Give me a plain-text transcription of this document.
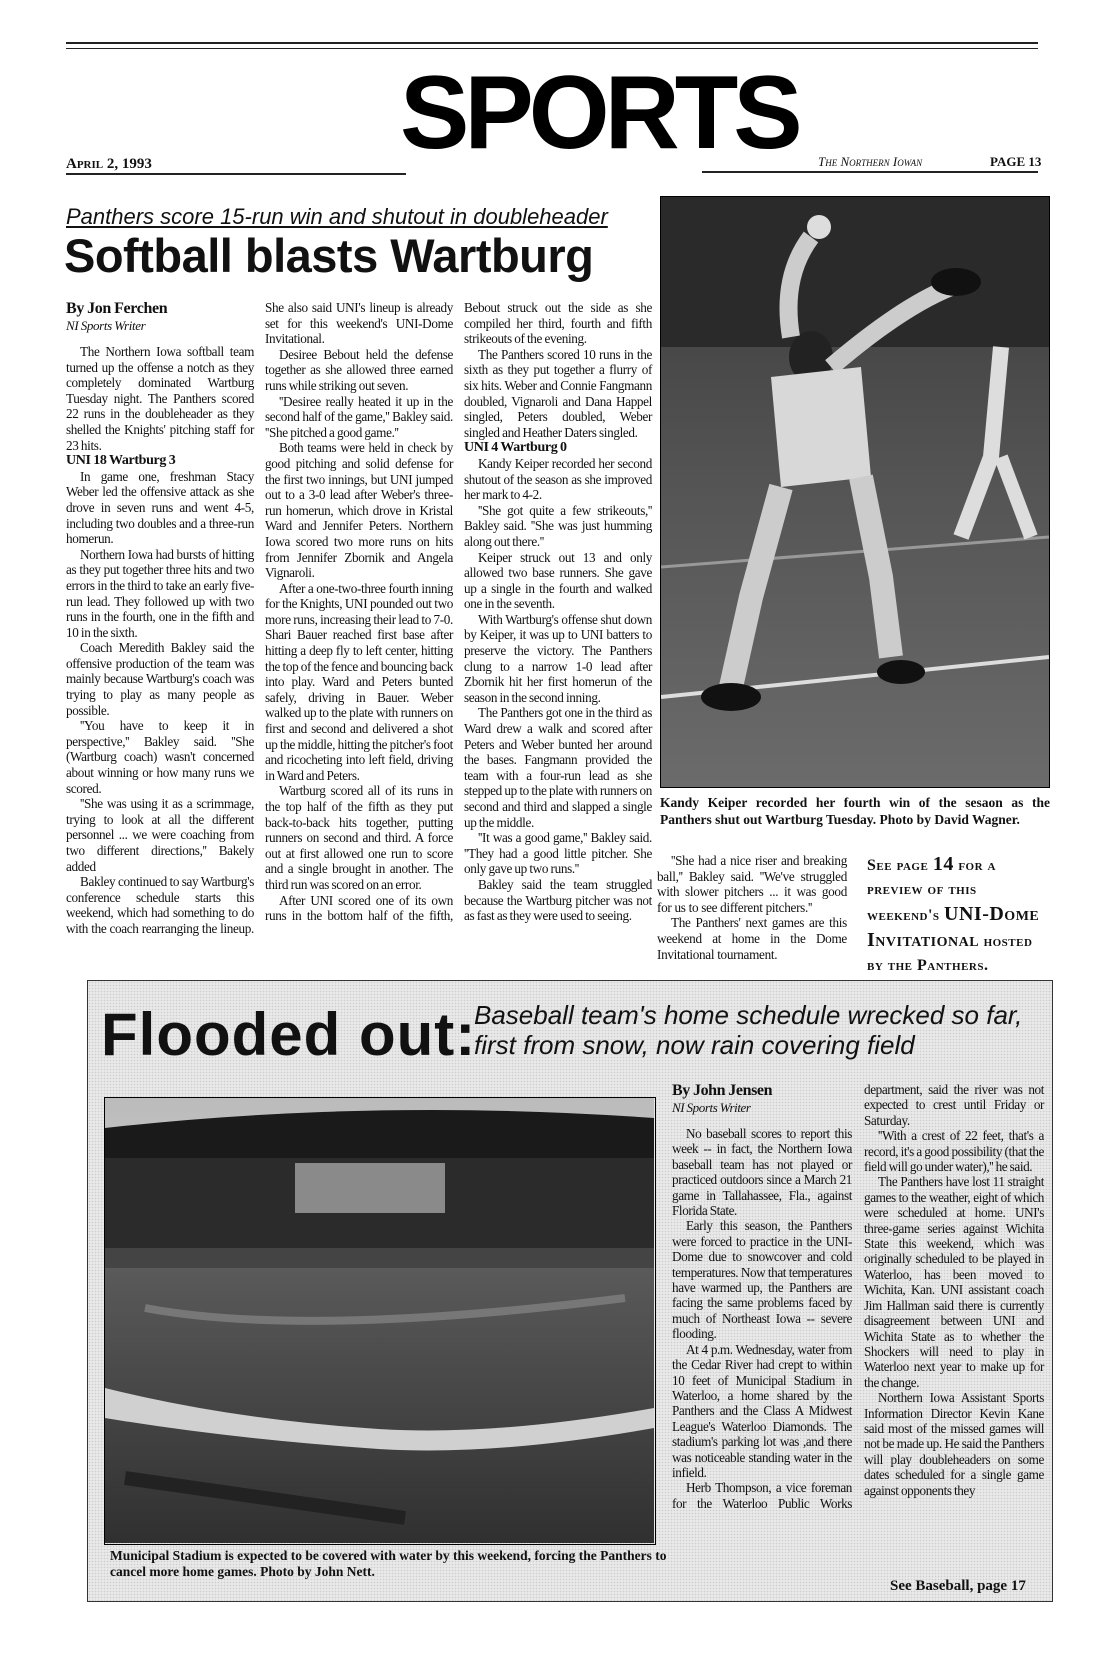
SPORTS
April 2, 1993	The Northern Iowan	PAGE 13
Panthers score 15-run win and shutout in doubleheader
Softball blasts Wartburg
By Jon Ferchen
NI Sports Writer

The Northern Iowa softball team turned up the offense a notch as they completely dominated Wartburg Tuesday night. The Panthers scored 22 runs in the doubleheader as they shelled the Knights' pitching staff for 23 hits.

UNI 18 Wartburg 3

In game one, freshman Stacy Weber led the offensive attack as she drove in seven runs and went 4-5, including two doubles and a three-run homerun.

Northern Iowa had bursts of hitting as they put together three hits and two errors in the third to take an early five-run lead. They followed up with two runs in the fourth, one in the fifth and 10 in the sixth.

Coach Meredith Bakley said the offensive production of the team was mainly because Wartburg's coach was trying to play as many people as possible.

''You have to keep it in perspective,'' Bakley said. ''She (Wartburg coach) wasn't concerned about winning or how many runs we scored.

''She was using it as a scrimmage, trying to look at all the different personnel ... we were coaching from two different directions,'' Bakely added

Bakley continued to say Wartburg's conference schedule starts this weekend, which had something to do with the coach rearranging the lineup. She also said UNI's lineup is already set for this weekend's UNI-Dome Invitational.

Desiree Bebout held the defense together as she allowed three earned runs while striking out seven.

''Desiree really heated it up in the second half of the game,'' Bakley said. ''She pitched a good game.''

Both teams were held in check by good pitching and solid defense for the first two innings, but UNI jumped out to a 3-0 lead after Weber's three-run homerun, which drove in Kristal Ward and Jennifer Peters. Northern Iowa scored two more runs on hits from Jennifer Zbornik and Angela Vignaroli.

After a one-two-three fourth inning for the Knights, UNI pounded out two more runs, increasing their lead to 7-0. Shari Bauer reached first base after hitting a deep fly to left center, hitting the top of the fence and bouncing back into play. Ward and Peters bunted safely, driving in Bauer. Weber walked up to the plate with runners on first and second and delivered a shot up the middle, hitting the pitcher's foot and ricocheting into left field, driving in Ward and Peters.

Wartburg scored all of its runs in the top half of the fifth as they put back-to-back hits together, putting runners on second and third. A force out at first allowed one run to score and a single brought in another. The third run was scored on an error.

After UNI scored one of its own runs in the bottom half of the fifth, Bebout struck out the side as she compiled her third, fourth and fifth strikeouts of the evening.

The Panthers scored 10 runs in the sixth as they put together a flurry of six hits. Weber and Connie Fangmann doubled, Vignaroli and Dana Happel singled, Peters doubled, Weber singled and Heather Daters singled.

UNI 4 Wartburg 0

Kandy Keiper recorded her second shutout of the season as she improved her mark to 4-2.

''She got quite a few strikeouts,'' Bakley said. ''She was just humming along out there.''

Keiper struck out 13 and only allowed two base runners. She gave up a single in the fourth and walked one in the seventh.

With Wartburg's offense shut down by Keiper, it was up to UNI batters to preserve the victory. The Panthers clung to a narrow 1-0 lead after Zbornik hit her first homerun of the season in the second inning.

The Panthers got one in the third as Ward drew a walk and scored after Peters and Weber bunted her around the bases. Fangmann provided the team with a four-run lead as she stepped up to the plate with runners on second and third and slapped a single up the middle.

''It was a good game,'' Bakley said. ''They had a good little pitcher. She only gave up two runs.''

Bakley said the team struggled because the Wartburg pitcher was not as fast as they were used to seeing.

Kandy Keiper recorded her fourth win of the sesaon as the Panthers shut out Wartburg Tuesday. Photo by David Wagner.

''She had a nice riser and breaking ball,'' Bakley said. ''We've struggled with slower pitchers ... it was good for us to see different pitchers.''

The Panthers' next games are this weekend at home in the Dome Invitational tournament.

See page 14 for a
preview of this
weekend's UNI-Dome
Invitational hosted
by the Panthers.
Flooded out:
Baseball team's home schedule wrecked so far, first from snow, now rain covering field
Municipal Stadium is expected to be covered with water by this weekend, forcing the Panthers to cancel more home games. Photo by John Nett.
By John Jensen
NI Sports Writer

No baseball scores to report this week -- in fact, the Northern Iowa baseball team has not played or practiced outdoors since a March 21 game in Tallahassee, Fla., against Florida State.

Early this season, the Panthers were forced to practice in the UNI-Dome due to snowcover and cold temperatures. Now that temperatures have warmed up, the Panthers are facing the same problems faced by much of Northeast Iowa -- severe flooding.

At 4 p.m. Wednesday, water from the Cedar River had crept to within 10 feet of Municipal Stadium in Waterloo, a home shared by the Panthers and the Class A Midwest League's Waterloo Diamonds. The stadium's parking lot was ,and there was noticeable standing water in the infield.

Herb Thompson, a vice foreman for the Waterloo Public Works department, said the river was not expected to crest until Friday or Saturday.

''With a crest of 22 feet, that's a record, it's a good possibility (that the field will go under water),'' he said.

The Panthers have lost 11 straight games to the weather, eight of which were scheduled at home. UNI's three-game series against Wichita State this weekend, which was originally scheduled to be played in Waterloo, has been moved to Wichita, Kan. UNI assistant coach Jim Hallman said there is currently disagreement between UNI and Wichita State as to whether the Shockers will need to play in Waterloo next year to make up for the change.

Northern Iowa Assistant Sports Information Director Kevin Kane said most of the missed games will not be made up. He said the Panthers will play doubleheaders on some dates scheduled for a single game against opponents they

See Baseball, page 17
